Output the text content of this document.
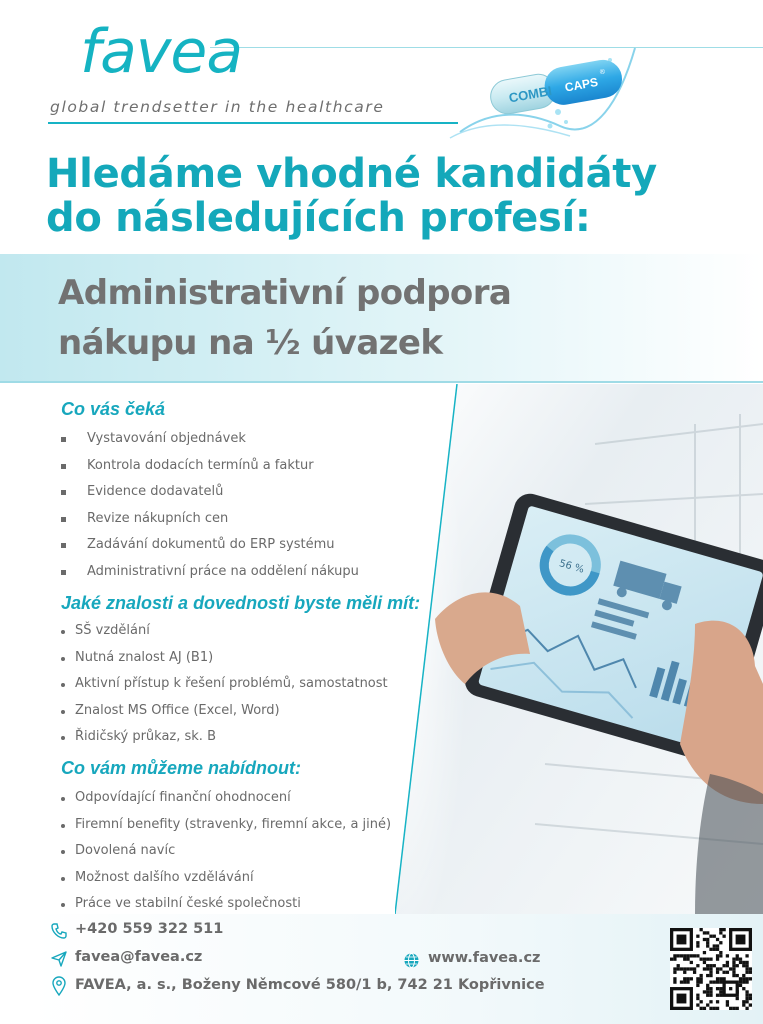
favea
global trendsetter in the healthcare
COMBI CAPS
®
Hledáme vhodné kandidáty
do následujících profesí:
Administrativní podpora
nákupu na ½ úvazek
56 %
Co vás čeká
Vystavování objednávek
Kontrola dodacích termínů a faktur
Evidence dodavatelů
Revize nákupních cen
Zadávání dokumentů do ERP systému
Administrativní práce na oddělení nákupu
Jaké znalosti a dovednosti byste měli mít:
SŠ vzdělání
Nutná znalost AJ (B1)
Aktivní přístup k řešení problémů, samostatnost
Znalost MS Office (Excel, Word)
Řidičský průkaz, sk. B
Co vám můžeme nabídnout:
Odpovídající finanční ohodnocení
Firemní benefity (stravenky, firemní akce, a jiné)
Dovolená navíc
Možnost dalšího vzdělávání
Práce ve stabilní české společnosti
+420 559 322 511
favea@favea.cz
FAVEA, a. s., Boženy Němcové 580/1 b, 742 21 Kopřivnice
www.favea.cz
